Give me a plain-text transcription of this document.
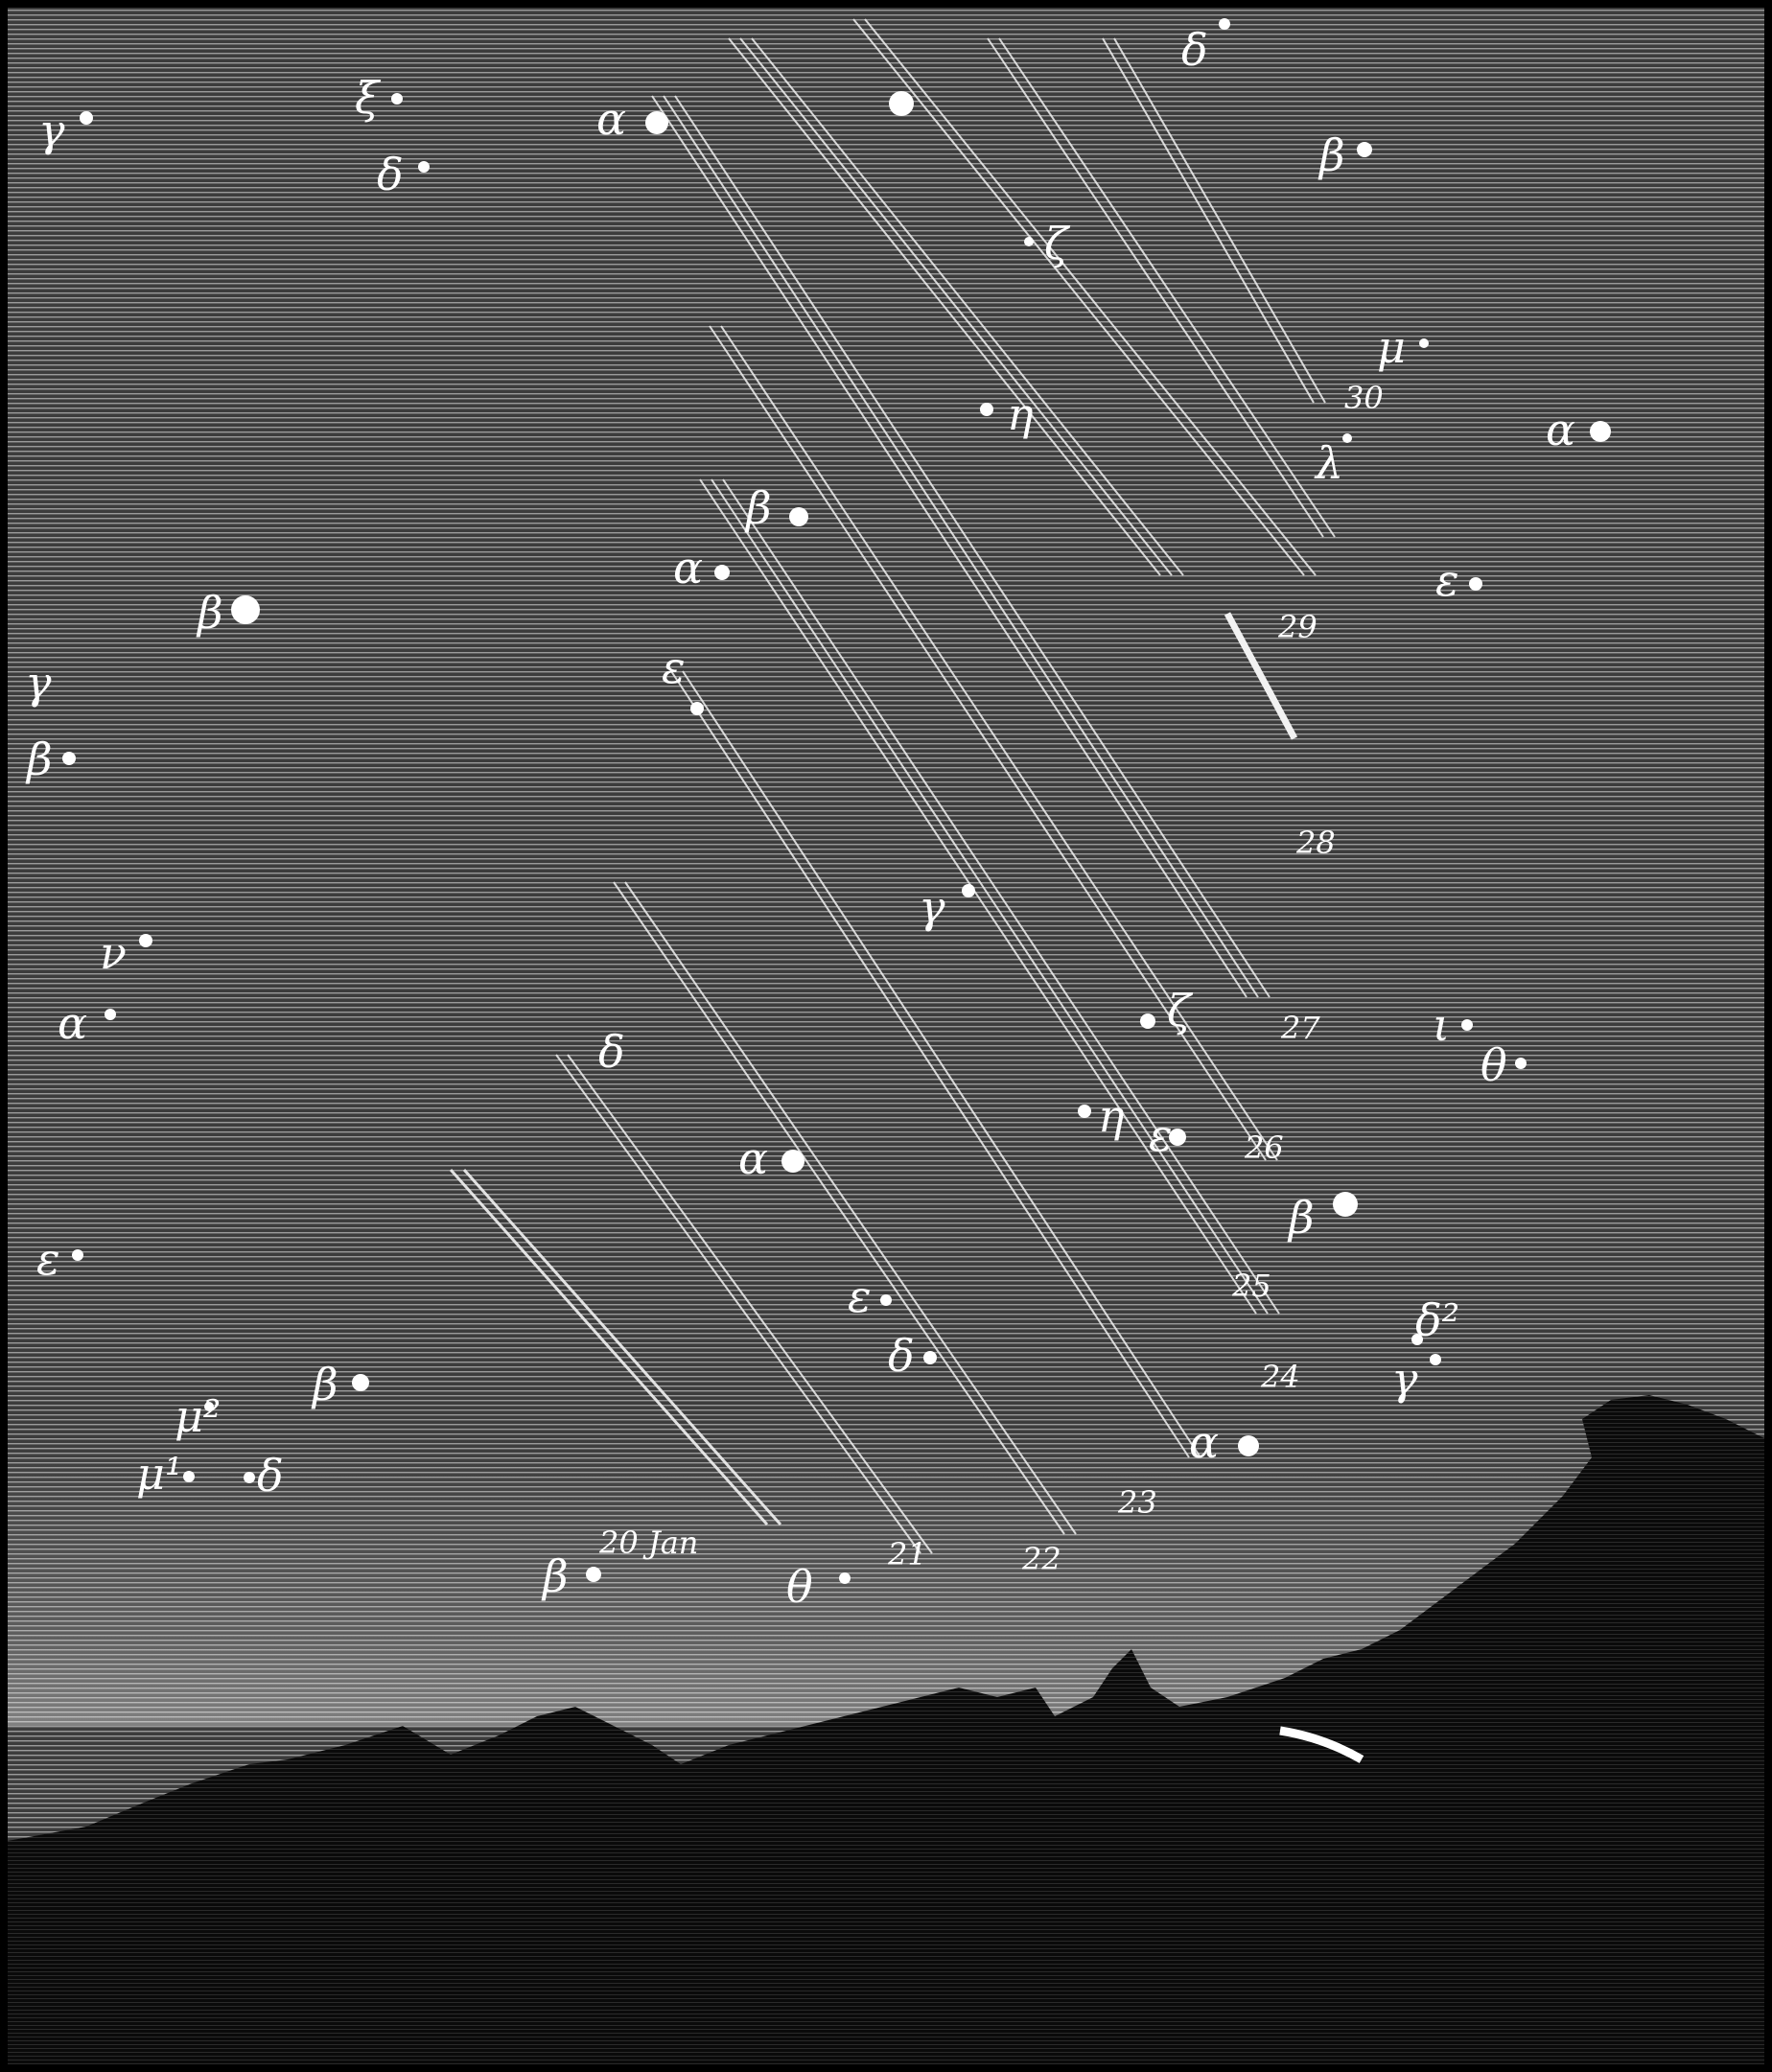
γ
ξ
δ
α
δ
β
ζ
μ
30
λ
α
η
β
α	ε
29
β
γ
β
ε
28
γ
ν
α
δ
ζ	27	ι
θ
η ε 26
α
β
ε
25
ε
δ
δ²
γ
β	24
μ²
μ¹ δ
α
23
20 Jan
β	θ
21	22
